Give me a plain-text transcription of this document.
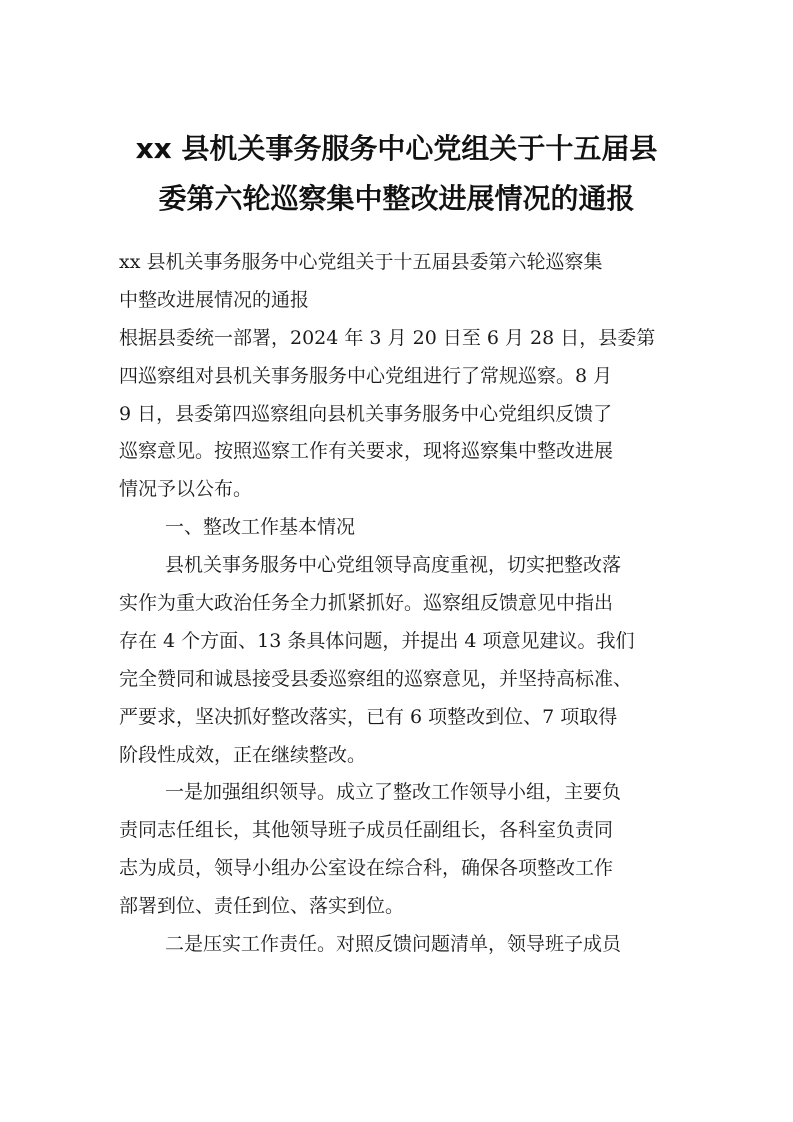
xx 县机关事务服务中心党组关于十五届县
委第六轮巡察集中整改进展情况的通报
xx 县机关事务服务中心党组关于十五届县委第六轮巡察集
中整改进展情况的通报
根据县委统一部署，2024 年 3 月 20 日至 6 月 28 日，县委第
四巡察组对县机关事务服务中心党组进行了常规巡察。8 月
9 日，县委第四巡察组向县机关事务服务中心党组织反馈了
巡察意见。按照巡察工作有关要求，现将巡察集中整改进展
情况予以公布。
一、整改工作基本情况
县机关事务服务中心党组领导高度重视，切实把整改落
实作为重大政治任务全力抓紧抓好。巡察组反馈意见中指出
存在 4 个方面、13 条具体问题，并提出 4 项意见建议。我们
完全赞同和诚恳接受县委巡察组的巡察意见，并坚持高标准、
严要求，坚决抓好整改落实，已有 6 项整改到位、7 项取得
阶段性成效，正在继续整改。
一是加强组织领导。成立了整改工作领导小组，主要负
责同志任组长，其他领导班子成员任副组长，各科室负责同
志为成员，领导小组办公室设在综合科，确保各项整改工作
部署到位、责任到位、落实到位。
二是压实工作责任。对照反馈问题清单，领导班子成员
